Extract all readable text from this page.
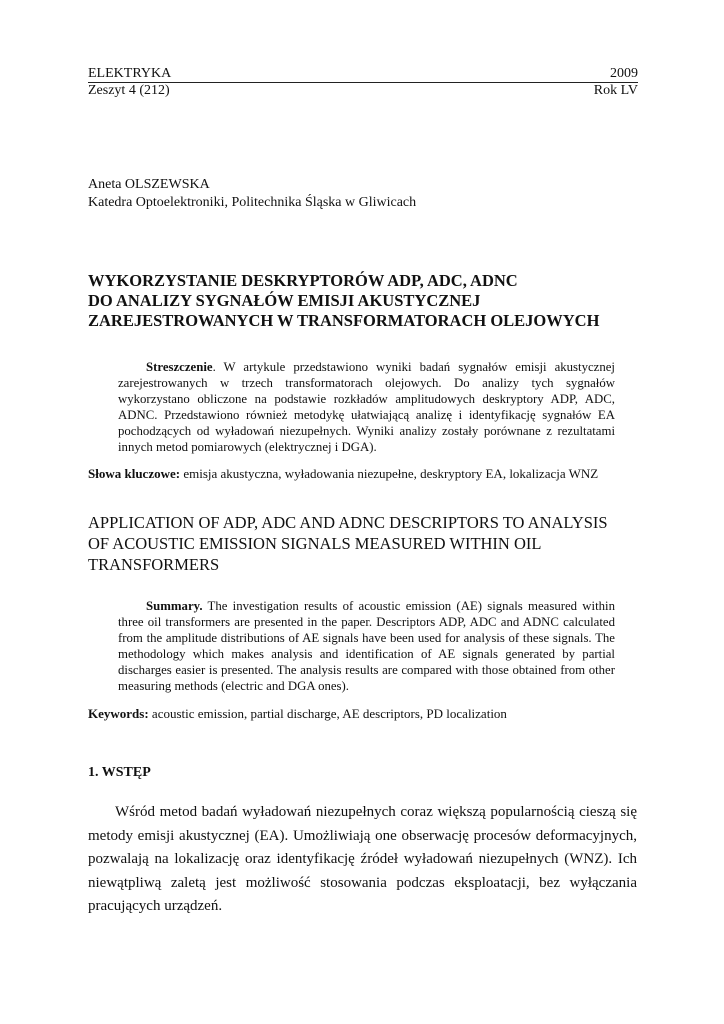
ELEKTRYKA	2009
Zeszyt 4 (212)	Rok LV
Aneta OLSZEWSKA
Katedra Optoelektroniki, Politechnika Śląska w Gliwicach
WYKORZYSTANIE DESKRYPTORÓW ADP, ADC, ADNC
DO ANALIZY SYGNAŁÓW EMISJI AKUSTYCZNEJ
ZAREJESTROWANYCH W TRANSFORMATORACH OLEJOWYCH

Streszczenie. W artykule przedstawiono wyniki badań sygnałów emisji akustycznej zarejestrowanych w trzech transformatorach olejowych. Do analizy tych sygnałów wykorzystano obliczone na podstawie rozkładów amplitudowych deskryptory ADP, ADC, ADNC. Przedstawiono również metodykę ułatwiającą analizę i identyfikację sygnałów EA pochodzących od wyładowań niezupełnych. Wyniki analizy zostały porównane z rezultatami innych metod pomiarowych (elektrycznej i DGA).

Słowa kluczowe: emisja akustyczna, wyładowania niezupełne, deskryptory EA, lokalizacja WNZ

APPLICATION OF ADP, ADC AND ADNC DESCRIPTORS TO ANALYSIS
OF ACOUSTIC EMISSION SIGNALS MEASURED WITHIN OIL
TRANSFORMERS

Summary. The investigation results of acoustic emission (AE) signals measured within three oil transformers are presented in the paper. Descriptors ADP, ADC and ADNC calculated from the amplitude distributions of AE signals have been used for analysis of these signals. The methodology which makes analysis and identification of AE signals generated by partial discharges easier is presented. The analysis results are compared with those obtained from other measuring methods (electric and DGA ones).

Keywords: acoustic emission, partial discharge, AE descriptors, PD localization

1. WSTĘP

Wśród metod badań wyładowań niezupełnych coraz większą popularnością cieszą się metody emisji akustycznej (EA). Umożliwiają one obserwację procesów deformacyjnych, pozwalają na lokalizację oraz identyfikację źródeł wyładowań niezupełnych (WNZ). Ich niewątpliwą zaletą jest możliwość stosowania podczas eksploatacji, bez wyłączania pracujących urządzeń.
